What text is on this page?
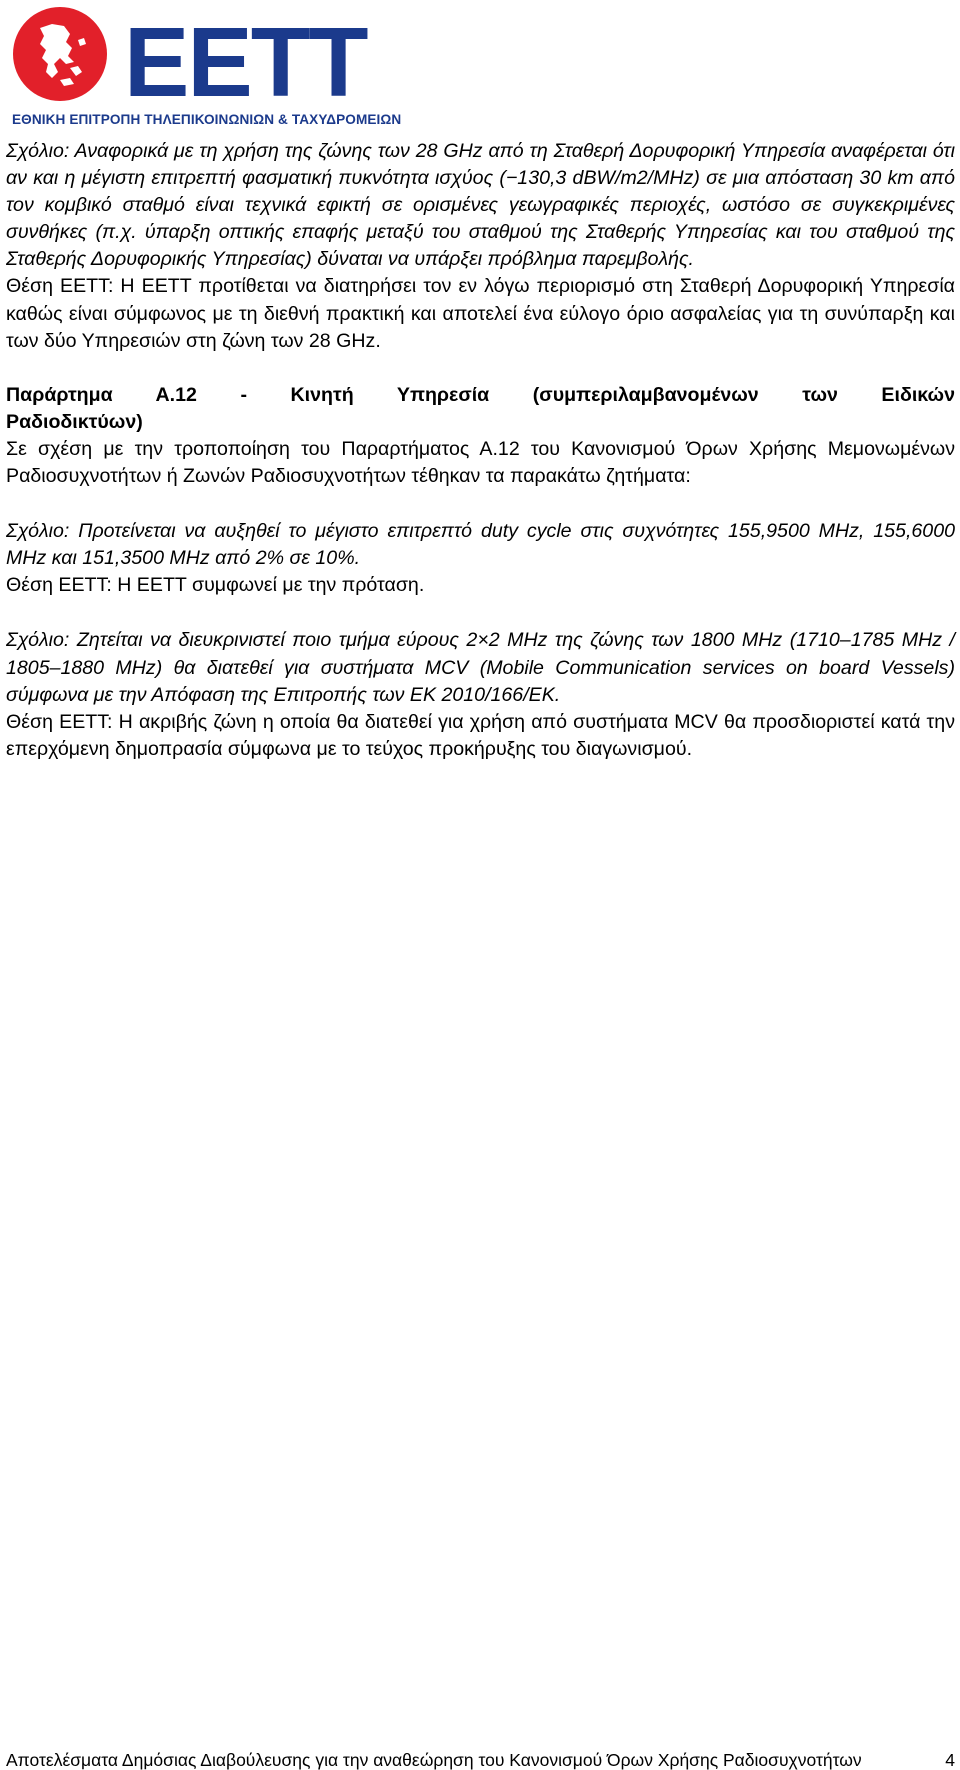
ΕΕΤΤ
ΕΘΝΙΚΗ ΕΠΙΤΡΟΠΗ ΤΗΛΕΠΙΚΟΙΝΩΝΙΩΝ & ΤΑΧΥΔΡΟΜΕΙΩΝ

Σχόλιο: Αναφορικά με τη χρήση της ζώνης των 28 GHz από τη Σταθερή Δορυφορική Υπηρεσία αναφέρεται ότι αν και η μέγιστη επιτρεπτή φασματική πυκνότητα ισχύος (−130,3 dBW/m2/MHz) σε μια απόσταση 30 km από τον κομβικό σταθμό είναι τεχνικά εφικτή σε ορισμένες γεωγραφικές περιοχές, ωστόσο σε συγκεκριμένες συνθήκες (π.χ. ύπαρξη οπτικής επαφής μεταξύ του σταθμού της Σταθερής Υπηρεσίας και του σταθμού της Σταθερής Δορυφορικής Υπηρεσίας) δύναται να υπάρξει πρόβλημα παρεμβολής.

Θέση ΕΕΤΤ: Η ΕΕΤΤ προτίθεται να διατηρήσει τον εν λόγω περιορισμό στη Σταθερή Δορυφορική Υπηρεσία καθώς είναι σύμφωνος με τη διεθνή πρακτική και αποτελεί ένα εύλογο όριο ασφαλείας για τη συνύπαρξη και των δύο Υπηρεσιών στη ζώνη των 28 GHz.

Παράρτημα Α.12 - Κινητή Υπηρεσία (συμπεριλαμβανομένων των Ειδικών

Ραδιοδικτύων)

Σε σχέση με την τροποποίηση του Παραρτήματος Α.12 του Κανονισμού Όρων Χρήσης Μεμονωμένων Ραδιοσυχνοτήτων ή Ζωνών Ραδιοσυχνοτήτων τέθηκαν τα παρακάτω ζητήματα:

Σχόλιο: Προτείνεται να αυξηθεί το μέγιστο επιτρεπτό duty cycle στις συχνότητες 155,9500 MHz, 155,6000 MHz και 151,3500 MHz από 2% σε 10%.

Θέση ΕΕΤΤ: Η ΕΕΤΤ συμφωνεί με την πρόταση.

Σχόλιο: Ζητείται να διευκρινιστεί ποιο τμήμα εύρους 2×2 MHz της ζώνης των 1800 MHz (1710–1785 MHz / 1805–1880 MHz) θα διατεθεί για συστήματα MCV (Mobile Communication services on board Vessels) σύμφωνα με την Απόφαση της Επιτροπής των ΕΚ 2010/166/ΕΚ.

Θέση ΕΕΤΤ: Η ακριβής ζώνη η οποία θα διατεθεί για χρήση από συστήματα MCV θα προσδιοριστεί κατά την επερχόμενη δημοπρασία σύμφωνα με το τεύχος προκήρυξης του διαγωνισμού.

Αποτελέσματα Δημόσιας Διαβούλευσης για την αναθεώρηση του Κανονισμού Όρων Χρήσης Ραδιοσυχνοτήτων	4
